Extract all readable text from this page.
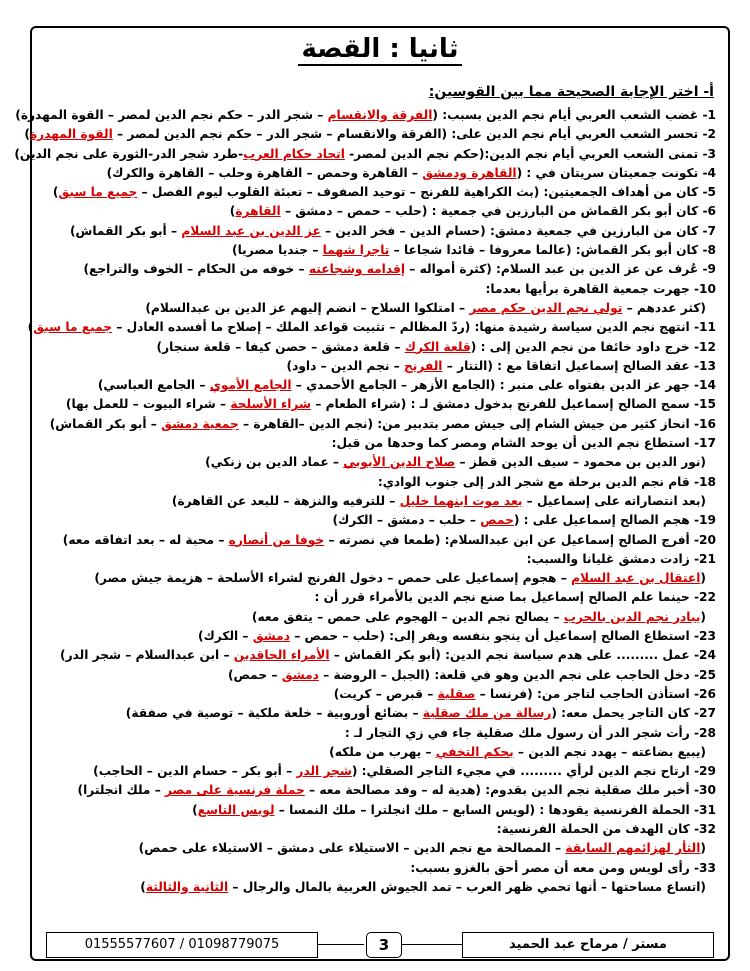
ثانيا : القصة
أ- اختر الإجابة الصحيحة مما بين القوسين:
1- غضب الشعب العربي أيام نجم الدين بسبب: (الفرقة والانقسام – شجر الدر – حكم نجم الدين لمصر – القوة المهدرة)
2- تحسر الشعب العربي أيام نجم الدين على: (الفرقة والانقسام – شجر الدر – حكم نجم الدين لمصر – القوة المهدرة)
3- تمنى الشعب العربي أيام نجم الدين:(حكم نجم الدين لمصر- اتحاد حكام العرب-طرد شجر الدر-الثورة على نجم الدين)
4- تكونت جمعيتان سريتان في : (القاهرة ودمشق – القاهرة وحمص – القاهرة وحلب – القاهرة والكرك)
5- كان من أهداف الجمعيتين: (بث الكراهية للفرنج – توحيد الصفوف – تعبئة القلوب ليوم الفصل – جميع ما سبق)
6- كان أبو بكر القماش من البارزين في جمعية : (حلب – حمص – دمشق – القاهرة)
7- كان من البارزين في جمعية دمشق: (حسام الدين – فخر الدين – عز الدين بن عبد السلام – أبو بكر القماش)
8- كان أبو بكر القماش: (عالما معروفا – قائدا شجاعا – تاجرا شهما – جنديا مصريا)
9- عُرف عن عز الدين بن عبد السلام: (كثرة أمواله – إقدامه وشجاعته – خوفه من الحكام – الخوف والتراجع)
10- جهرت جمعية القاهرة برأيها بعدما:
(كثر عددهم – تولي نجم الدين حكم مصر – امتلكوا السلاح – انضم إليهم عز الدين بن عبدالسلام)
11- انتهج نجم الدين سياسة رشيدة منها: (ردّ المظالم – تثبيت قواعد الملك – إصلاح ما أفسده العادل – جميع ما سبق)
12- خرج داود خائفا من نجم الدين إلى : (قلعة الكرك – قلعة دمشق – حصن كيفا – قلعة سنجار)
13- عقد الصالح إسماعيل اتفاقا مع : (التتار – الفرنج – نجم الدين – داود)
14- جهر عز الدين بفتواه على منبر : (الجامع الأزهر – الجامع الأحمدي – الجامع الأموي – الجامع العباسي)
15- سمح الصالح إسماعيل للفرنج بدخول دمشق لـ : (شراء الطعام – شراء الأسلحة – شراء البيوت – للعمل بها)
16- انحاز كثير من جيش الشام إلى جيش مصر بتدبير من: (نجم الدين –القاهرة – جمعية دمشق – أبو بكر القماش)
17- استطاع نجم الدين أن يوحد الشام ومصر كما وحدها من قبل:
(نور الدين بن محمود – سيف الدين قطز – صلاح الدين الأيوبي – عماد الدين بن زنكي)
18- قام نجم الدين برحلة مع شجر الدر إلى جنوب الوادي:
(بعد انتصاراته على إسماعيل – بعد موت ابنهما خليل – للترفيه والنزهة – للبعد عن القاهرة)
19- هجم الصالح إسماعيل على : (حمص – حلب – دمشق – الكرك)
20- أفرج الصالح إسماعيل عن ابن عبدالسلام: (طمعا في نصرته – خوفا من أنصاره – محبة له – بعد اتفاقه معه)
21- زادت دمشق غليانا والسبب:
(اعتقال بن عبد السلام – هجوم إسماعيل على حمص – دخول الفرنج لشراء الأسلحة – هزيمة جيش مصر)
22- حينما علم الصالح إسماعيل بما صنع نجم الدين بالأمراء قرر أن :
(يبادر نجم الدين بالحرب – يصالح نجم الدين – الهجوم على حمص – يتفق معه)
23- استطاع الصالح إسماعيل أن ينجو بنفسه ويفر إلى: (حلب – حمص – دمشق – الكرك)
24- عمل ......... على هدم سياسة نجم الدين: (أبو بكر القماش – الأمراء الحاقدين – ابن عبدالسلام – شجر الدر)
25- دخل الحاجب على نجم الدين وهو في قلعة: (الجبل – الروضة – دمشق – حمص)
26- استأذن الحاجب لتاجر من: (فرنسا – صقلية – قبرص – كريت)
27- كان التاجر يحمل معه: (رسالة من ملك صقلية – بضائع أوروبية – خلعة ملكية – توصية في صفقة)
28- رأت شجر الدر أن رسول ملك صقلية جاء في زي التجار لـ :
(يبيع بضاعته – يهدد نجم الدين – بحكم التخفي – يهرب من ملكه)
29- ارتاح نجم الدين لرأي ......... في مجيء التاجر الصقلي: (شجر الدر – أبو بكر – حسام الدين – الحاجب)
30- أخبر ملك صقلية نجم الدين بقدوم: (هدية له – وفد مصالحة معه – حملة فرنسية على مصر – ملك انجلترا)
31- الحملة الفرنسية يقودها : (لويس السابع – ملك انجلترا – ملك النمسا – لويس التاسع)
32- كان الهدف من الحملة الفرنسية:
(الثأر لهزائمهم السابقة – المصالحة مع نجم الدين – الاستيلاء على دمشق – الاستيلاء على حمص)
33- رأى لويس ومن معه أن مصر أحق بالغزو بسبب:
(اتساع مساحتها – أنها تحمي ظهر العرب – تمد الجيوش العربية بالمال والرجال – الثانية والثالثة)
01555577607 / 01098779075	3	مستر / مرماح عبد الحميد
